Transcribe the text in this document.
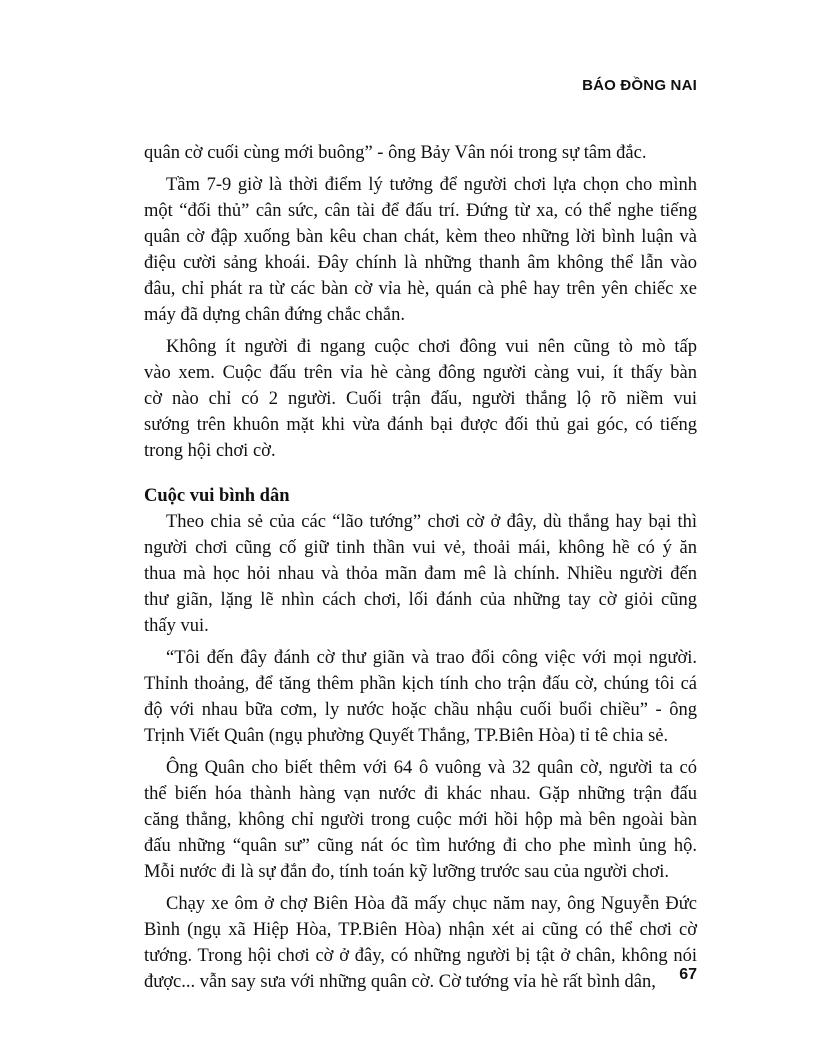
BÁO ĐỒNG NAI
quân cờ cuối cùng mới buông” - ông Bảy Vân nói trong sự tâm đắc.
Tầm 7-9 giờ là thời điểm lý tưởng để người chơi lựa chọn cho mình
một “đối thủ” cân sức, cân tài để đấu trí. Đứng từ xa, có thể nghe tiếng
quân cờ đập xuống bàn kêu chan chát, kèm theo những lời bình luận và
điệu cười sảng khoái. Đây chính là những thanh âm không thể lẫn vào
đâu, chỉ phát ra từ các bàn cờ vỉa hè, quán cà phê hay trên yên chiếc xe
máy đã dựng chân đứng chắc chắn.
Không ít người đi ngang cuộc chơi đông vui nên cũng tò mò tấp
vào xem. Cuộc đấu trên vỉa hè càng đông người càng vui, ít thấy bàn
cờ nào chỉ có 2 người. Cuối trận đấu, người thắng lộ rõ niềm vui
sướng trên khuôn mặt khi vừa đánh bại được đối thủ gai góc, có tiếng
trong hội chơi cờ.
Cuộc vui bình dân
Theo chia sẻ của các “lão tướng” chơi cờ ở đây, dù thắng hay bại thì
người chơi cũng cố giữ tinh thần vui vẻ, thoải mái, không hề có ý ăn
thua mà học hỏi nhau và thỏa mãn đam mê là chính. Nhiều người đến
thư giãn, lặng lẽ nhìn cách chơi, lối đánh của những tay cờ giỏi cũng
thấy vui.
“Tôi đến đây đánh cờ thư giãn và trao đổi công việc với mọi người.
Thỉnh thoảng, để tăng thêm phần kịch tính cho trận đấu cờ, chúng tôi cá
độ với nhau bữa cơm, ly nước hoặc chầu nhậu cuối buổi chiều” - ông
Trịnh Viết Quân (ngụ phường Quyết Thắng, TP.Biên Hòa) tỉ tê chia sẻ.
Ông Quân cho biết thêm với 64 ô vuông và 32 quân cờ, người ta có
thể biến hóa thành hàng vạn nước đi khác nhau. Gặp những trận đấu
căng thẳng, không chỉ người trong cuộc mới hồi hộp mà bên ngoài bàn
đấu những “quân sư” cũng nát óc tìm hướng đi cho phe mình ủng hộ.
Mỗi nước đi là sự đắn đo, tính toán kỹ lưỡng trước sau của người chơi.
Chạy xe ôm ở chợ Biên Hòa đã mấy chục năm nay, ông Nguyễn Đức
Bình (ngụ xã Hiệp Hòa, TP.Biên Hòa) nhận xét ai cũng có thể chơi cờ
tướng. Trong hội chơi cờ ở đây, có những người bị tật ở chân, không nói
được... vẫn say sưa với những quân cờ. Cờ tướng vỉa hè rất bình dân,	67
